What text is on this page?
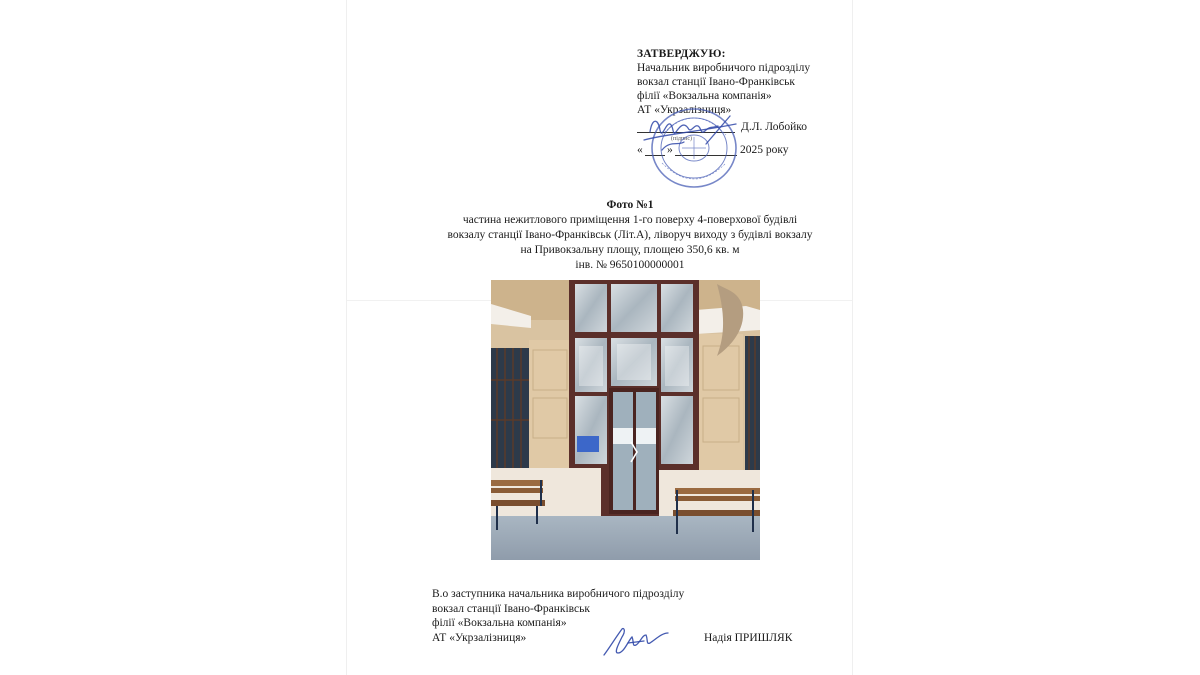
ЗАТВЕРДЖУЮ:
Начальник виробничого підрозділу
вокзал станції Івано-Франківськ
філії «Вокзальна компанія»
АТ «Укрзалізниця»
(підпис)
Д.Л. Лобойко
« »	2025 року
Фото №1
частина нежитлового приміщення 1-го поверху 4-поверхової будівлі
вокзалу станції Івано-Франківськ (Літ.А), ліворуч виходу з будівлі вокзалу
на Привокзальну площу, площею 350,6 кв. м
інв. № 9650100000001
В.о заступника начальника виробничого підрозділу
вокзал станції Івано-Франківськ
філії «Вокзальна компанія»
АТ «Укрзалізниця»	Надія ПРИШЛЯК
